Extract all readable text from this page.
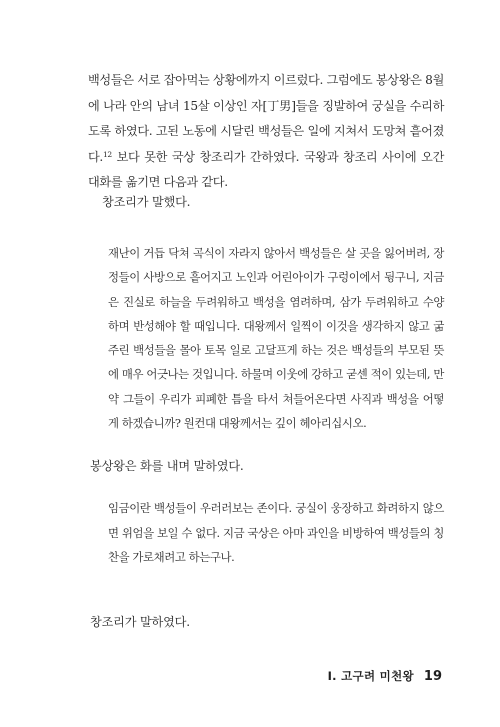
백성들은 서로 잡아먹는 상황에까지 이르렀다. 그럼에도 봉상왕은 8월에 나라 안의 남녀 15살 이상인 자[丁男]들을 징발하여 궁실을 수리하도록 하였다. 고된 노동에 시달린 백성들은 일에 지쳐서 도망쳐 흩어졌다.$^{12}$ 보다 못한 국상 창조리가 간하였다. 국왕과 창조리 사이에 오간 대화를 옮기면 다음과 같다.

창조리가 말했다.

재난이 거듭 닥쳐 곡식이 자라지 않아서 백성들은 살 곳을 잃어버려, 장정들이 사방으로 흩어지고 노인과 어린아이가 구렁이에서 뒹구니, 지금은 진실로 하늘을 두려워하고 백성을 염려하며, 삼가 두려워하고 수양하며 반성해야 할 때입니다. 대왕께서 일찍이 이것을 생각하지 않고 굶주린 백성들을 몰아 토목 일로 고달프게 하는 것은 백성들의 부모된 뜻에 매우 어긋나는 것입니다. 하물며 이웃에 강하고 굳센 적이 있는데, 만약 그들이 우리가 피폐한 틈을 타서 쳐들어온다면 사직과 백성을 어떻게 하겠습니까? 원컨대 대왕께서는 깊이 헤아리십시오.

봉상왕은 화를 내며 말하였다.

임금이란 백성들이 우러러보는 존이다. 궁실이 웅장하고 화려하지 않으면 위엄을 보일 수 없다. 지금 국상은 아마 과인을 비방하여 백성들의 칭찬을 가로채려고 하는구나.

창조리가 말하였다.

Ⅰ. 고구려 미천왕 19
